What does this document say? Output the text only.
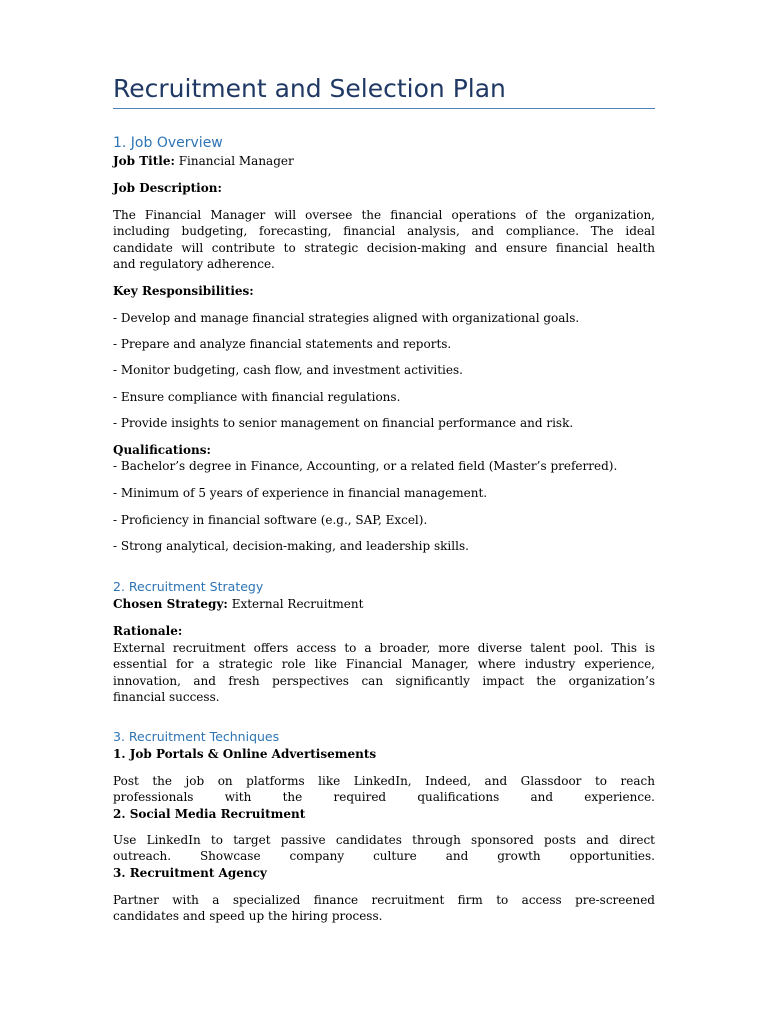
Recruitment and Selection Plan
1. Job Overview
Job Title: Financial Manager
Job Description:
The Financial Manager will oversee the financial operations of the organization,
including budgeting, forecasting, financial analysis, and compliance. The ideal
candidate will contribute to strategic decision-making and ensure financial health
and regulatory adherence.
Key Responsibilities:
- Develop and manage financial strategies aligned with organizational goals.
- Prepare and analyze financial statements and reports.
- Monitor budgeting, cash flow, and investment activities.
- Ensure compliance with financial regulations.
- Provide insights to senior management on financial performance and risk.
Qualifications:
- Bachelor’s degree in Finance, Accounting, or a related field (Master’s preferred).
- Minimum of 5 years of experience in financial management.
- Proficiency in financial software (e.g., SAP, Excel).
- Strong analytical, decision-making, and leadership skills.
2. Recruitment Strategy
Chosen Strategy: External Recruitment
Rationale:
External recruitment offers access to a broader, more diverse talent pool. This is
essential for a strategic role like Financial Manager, where industry experience,
innovation, and fresh perspectives can significantly impact the organization’s
financial success.
3. Recruitment Techniques
1. Job Portals & Online Advertisements
Post the job on platforms like LinkedIn, Indeed, and Glassdoor to reach
professionals with the required qualifications and experience.
2. Social Media Recruitment
Use LinkedIn to target passive candidates through sponsored posts and direct
outreach. Showcase company culture and growth opportunities.
3. Recruitment Agency
Partner with a specialized finance recruitment firm to access pre-screened
candidates and speed up the hiring process.
